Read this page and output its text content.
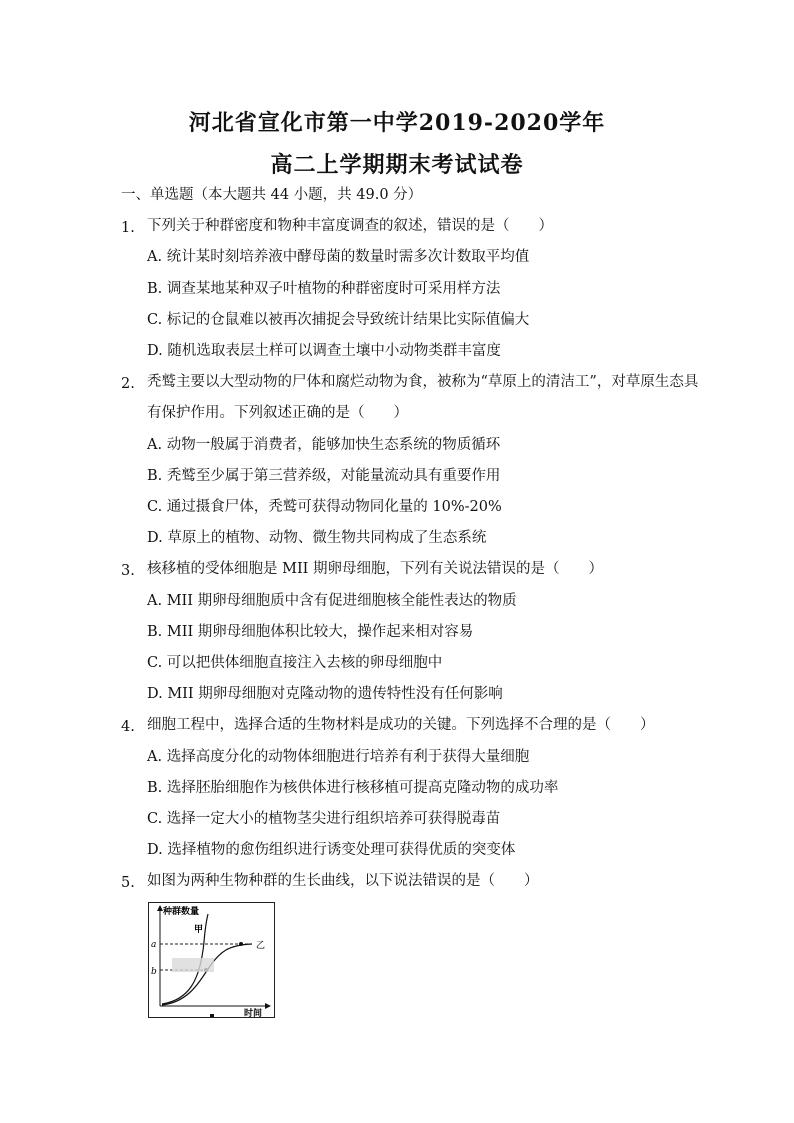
河北省宣化市第一中学2019-2020学年
高二上学期期末考试试卷
一、单选题（本大题共 44 小题，共 49.0 分）
1. 下列关于种群密度和物种丰富度调查的叙述，错误的是（　　）
A. 统计某时刻培养液中酵母菌的数量时需多次计数取平均值
B. 调查某地某种双子叶植物的种群密度时可采用样方法
C. 标记的仓鼠难以被再次捕捉会导致统计结果比实际值偏大
D. 随机选取表层土样可以调查土壤中小动物类群丰富度
2. 秃鹫主要以大型动物的尸体和腐烂动物为食，被称为“草原上的清洁工”，对草原生态具
有保护作用。下列叙述正确的是（　　）
A. 动物一般属于消费者，能够加快生态系统的物质循环
B. 秃鹫至少属于第三营养级，对能量流动具有重要作用
C. 通过摄食尸体，秃鹫可获得动物同化量的 10%-20%
D. 草原上的植物、动物、微生物共同构成了生态系统
3. 核移植的受体细胞是 MII 期卵母细胞，下列有关说法错误的是（　　）
A. MII 期卵母细胞质中含有促进细胞核全能性表达的物质
B. MII 期卵母细胞体积比较大，操作起来相对容易
C. 可以把供体细胞直接注入去核的卵母细胞中
D. MII 期卵母细胞对克隆动物的遗传特性没有任何影响
4. 细胞工程中，选择合适的生物材料是成功的关键。下列选择不合理的是（　　）
A. 选择高度分化的动物体细胞进行培养有利于获得大量细胞
B. 选择胚胎细胞作为核供体进行核移植可提高克隆动物的成功率
C. 选择一定大小的植物茎尖进行组织培养可获得脱毒苗
D. 选择植物的愈伤组织进行诱变处理可获得优质的突变体
5. 如图为两种生物种群的生长曲线，以下说法错误的是（　　）
种群数量
时间
甲
乙
a
b
